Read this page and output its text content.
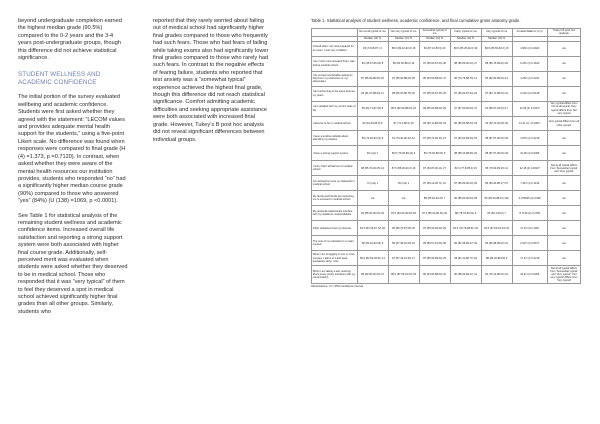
beyond undergraduate completion earned the highest median grade (90.5%) compared to the 0-2 years and the 3-4 years post-undergraduate groups, though this difference did not achieve statistical significance.

STUDENT WELLNESS AND ACADEMIC CONFIDENCE

The initial portion of the survey evaluated wellbeing and academic confidence. Students were first asked whether they agreed with the statement: “LECOM values and provides adequate mental health support for the students,” using a five-point Likert scale. No difference was found when responses were compared to final grade (H (4) =1.373, p =0.7120). In contrast, when asked whether they were aware of the mental health resources our institution provides, students who responded “no” had a significantly higher median course grade (90%) compared to those who answered “yes” (84%) (U (138) =1069, p <0.0001).

See Table 1 for statistical analysis of the remaining student wellness and academic confidence items. Increased overall life satisfaction and reporting a strong support system were both associated with higher final course grade. Additionally, self-perceived merit was evaluated when students were asked whether they deserved to be in medical school. Those who responded that it was “very typical” of them to feel they deserved a spot in medical school achieved significantly higher final grades than all other groups. Similarly, students who

reported that they rarely worried about failing out of medical school had significantly higher final grades compared to those who frequently had such fears. Those who had fears of failing while taking exams also had significantly lower final grades compared to those who rarely had such fears. In contrast to the negative effects of fearing failure, students who reported that test anxiety was a “somewhat typical” experience achieved the highest final grade, though this difference did not reach statistical significance. Comfort admitting academic difficulties and seeking appropriate assistance were both associated with increased final grade. However, Tukey’s B post hoc analysis did not reveal significant differences between individual groups.

Table 1. Statistical analysis of student wellness, academic confidence, and final cumulative gross anatomy grade.
	Not at all typical of me	Not very typical of me	Somewhat typical of me	Fairly typical of me	Very typical of me	Kruskal-Wallis H (r²) p	Tukey's B post hoc analysis
	Median (CI) N	Median (CI) N	Median (CI) N	Median (CI) N	Median (CI) N		
Overall when I am well prepared for an exam, I feel very confident	86 (73.95-87.) 3	88.0 (84.10-90.0) 18	84 (87.10-86.5) 40	89.5 (85.25-92.0) 39	89.5 (86.55-90.0) 15	4.952 (4) 0.2923	n/a
I am much more stressed than I was before medical school	81 (65.07-86.00) 8	86 (84.00-88.0) 19	87 (85.00-87.00) 28	88 (86.00-90.00) 27	88 (86.75-89.00) 30	6.251 (4) 0.1810	n/a
I do not feel comfortable asking for help from my instructors or my classmates	87 (85.00-89.50) 20	87 (85.92-88.00) 35	86 (84.50-88.00) 47	86 (79.75-88.75) 14	85 (82.00-89.50) 12	4.252 (4) 0.1241	n/a
I am performing at the same level as my peers	84 (81.07-88.00) 11	88 (86.00-88.75) 20	87 (85.00-87.40) 25	87 (86.00-87.00) 29	87 (84.71-88.00) 41	0.201 (4) 0.9148	n/a
I am satisfied with my current state of life	85 (82.71-87.00) 8	85.5 (82.00-88.00) 20	86 (85.00-88.00) 29	87 (87.00-90.00) 47	92 (89.67-93.00) 17	12.65 (4) 0.0131*	Very typical differs from Not at all typical; Very typical differs from Not very typical
I deserve to be in medical school	84 (81.49-85.0) 8	87 (74.4-88.0) 18	86 (82.11-88.00) 33	86 (85.00-88.00) 33	92 (87.11-93.00) 30	14.31 (4) <0.0001*	Very typical differs from all other groups
I have a positive attitude about attending my classes	83 (73.00-93.01) 8	81 (73.40-90.22) 12	87 (85.70-90.40) 27	87 (84.00-89.00) 53	88 (87.67-90.00) 36	4.975 (4) 0.3218	n/a
I have a strong support system	84 (n/a) 1	86.5 (75.00-89.11) 6	86 (75.00-88.00) 8	88 (85.34-88.66) 29	88 (87.67-90.00) 36	10.05 (4) 0.0396	n/a
I worry that I will fail out of medical school	88 (85.70-93.25) 13	87.5 (85.00-90.0) 16	87 (84.87-90.11) 27	84.5 (77.8-85.0) 26	86 (79.54-89.00) 11	22.18 (4) 0.0002*	Not at all typical differs from 'Somewhat typical' and 'Very typical'
I've worked far more on classwork in medical school	72 (n/a) 1	56 (n/a) 1	87 (86.14-90.71) 10	87 (86.00-90.00) 39	86 (83.20-88.17) 57	7.437 (4) 0.1149	n/a
My family and friends are expecting me to succeed in medical school	n/a	n/a	88 (85.00-90.37) 7	86 (85.00-90.00) 28	86 (85.00-88.11) 100	0.075505 (4) 0.996	n/a
My personal relationships interfere with my academic responsibilities	84 (85.00-90.00) 33	87.5 (84.00-90.00) 50	87.5 (85.00-89.25) 26	88 (78.76-89.61) 8	80 (82.4-90.0) 7	8.7136 (4) 0.2782	n/a
Other obstacles hold my interests	84.5 (84.35-87.72) 26	86 (85.75-87.08) 35	87 (85.00-90.00) 29	84.5 (78.75-88.51) 20	86.5 (87.50-91.04) 10	17.10 (4) 0.1997	n/a
The cost of my education is a major concern	89 (84.40-90.00) 9	89 (87.38-91.00) 15	89 (86.57-91.00) 28	86 (82.45-89.47) 43	85 (80.08-89.02) 31	2.937 (4) 0.5677	n/a
When I am struggling in one or more courses, I admit to it and seek assistance when I can	86.0 (82.50-92.51) 14	87 (87.43-91.25) 17	87 (85.00-89.00) 29	86 (81.11-88.77) 49	88 (84.20-88.00) 9	17.47 (4) 0.4218	n/a
When I am taking a test, learning about every poorly interferes with my concentration	88 (82.50-92.00) 37	89.0 (87.05-91.00) 36	86 (84.00-88.00) 32	86 (85.00-89.27) 31	82 (78.14-86.00) 24	19.61 (4) 0.0006	Not at all typical differs from 'Somewhat typical' and 'Very typical'; 'Not very typical' differs from 'Very typical'
Abbreviations: CI = 95% confidence interval
